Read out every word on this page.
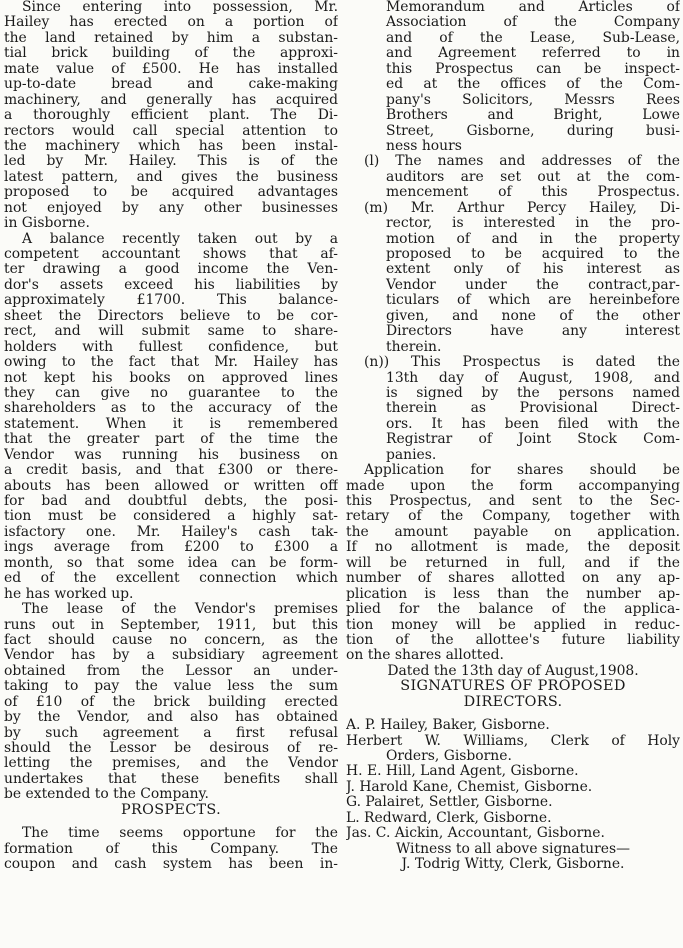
Since entering into possession, Mr.
Hailey has erected on a portion of
the land retained by him a substan-
tial brick building of the approxi-
mate value of £500. He has installed
up-to-date bread and cake-making
machinery, and generally has acquired
a thoroughly efficient plant. The Di-
rectors would call special attention to
the machinery which has been instal-
led by Mr. Hailey. This is of the
latest pattern, and gives the business
proposed to be acquired advantages
not enjoyed by any other businesses
in Gisborne.
A balance recently taken out by a
competent accountant shows that af-
ter drawing a good income the Ven-
dor's assets exceed his liabilities by
approximately £1700. This balance-
sheet the Directors believe to be cor-
rect, and will submit same to share-
holders with fullest confidence, but
owing to the fact that Mr. Hailey has
not kept his books on approved lines
they can give no guarantee to the
shareholders as to the accuracy of the
statement. When it is remembered
that the greater part of the time the
Vendor was running his business on
a credit basis, and that £300 or there-
abouts has been allowed or written off
for bad and doubtful debts, the posi-
tion must be considered a highly sat-
isfactory one. Mr. Hailey's cash tak-
ings average from £200 to £300 a
month, so that some idea can be form-
ed of the excellent connection which
he has worked up.
The lease of the Vendor's premises
runs out in September, 1911, but this
fact should cause no concern, as the
Vendor has by a subsidiary agreement
obtained from the Lessor an under-
taking to pay the value less the sum
of £10 of the brick building erected
by the Vendor, and also has obtained
by such agreement a first refusal
should the Lessor be desirous of re-
letting the premises, and the Vendor
undertakes that these benefits shall
be extended to the Company.
PROSPECTS.
The time seems opportune for the
formation of this Company. The
coupon and cash system has been in-
Memorandum and Articles of
Association of the Company
and of the Lease, Sub-Lease,
and Agreement referred to in
this Prospectus can be inspect-
ed at the offices of the Com-
pany's Solicitors, Messrs Rees
Brothers and Bright, Lowe
Street, Gisborne, during busi-
ness hours
(l) The names and addresses of the
auditors are set out at the com-
mencement of this Prospectus.
(m) Mr. Arthur Percy Hailey, Di-
rector, is interested in the pro-
motion of and in the property
proposed to be acquired to the
extent only of his interest as
Vendor under the contract,par-
ticulars of which are hereinbefore
given, and none of the other
Directors have any interest
therein.
(n)) This Prospectus is dated the
13th day of August, 1908, and
is signed by the persons named
therein as Provisional Direct-
ors. It has been filed with the
Registrar of Joint Stock Com-
panies.
Application for shares should be
made upon the form accompanying
this Prospectus, and sent to the Sec-
retary of the Company, together with
the amount payable on application.
If no allotment is made, the deposit
will be returned in full, and if the
number of shares allotted on any ap-
plication is less than the number ap-
plied for the balance of the applica-
tion money will be applied in reduc-
tion of the allottee's future liability
on the shares allotted.
Dated the 13th day of August,1908.
SIGNATURES OF PROPOSED
DIRECTORS.
A. P. Hailey, Baker, Gisborne.
Herbert W. Williams, Clerk of Holy
Orders, Gisborne.
H. E. Hill, Land Agent, Gisborne.
J. Harold Kane, Chemist, Gisborne.
G. Palairet, Settler, Gisborne.
L. Redward, Clerk, Gisborne.
Jas. C. Aickin, Accountant, Gisborne.
Witness to all above signatures—
J. Todrig Witty, Clerk, Gisborne.
